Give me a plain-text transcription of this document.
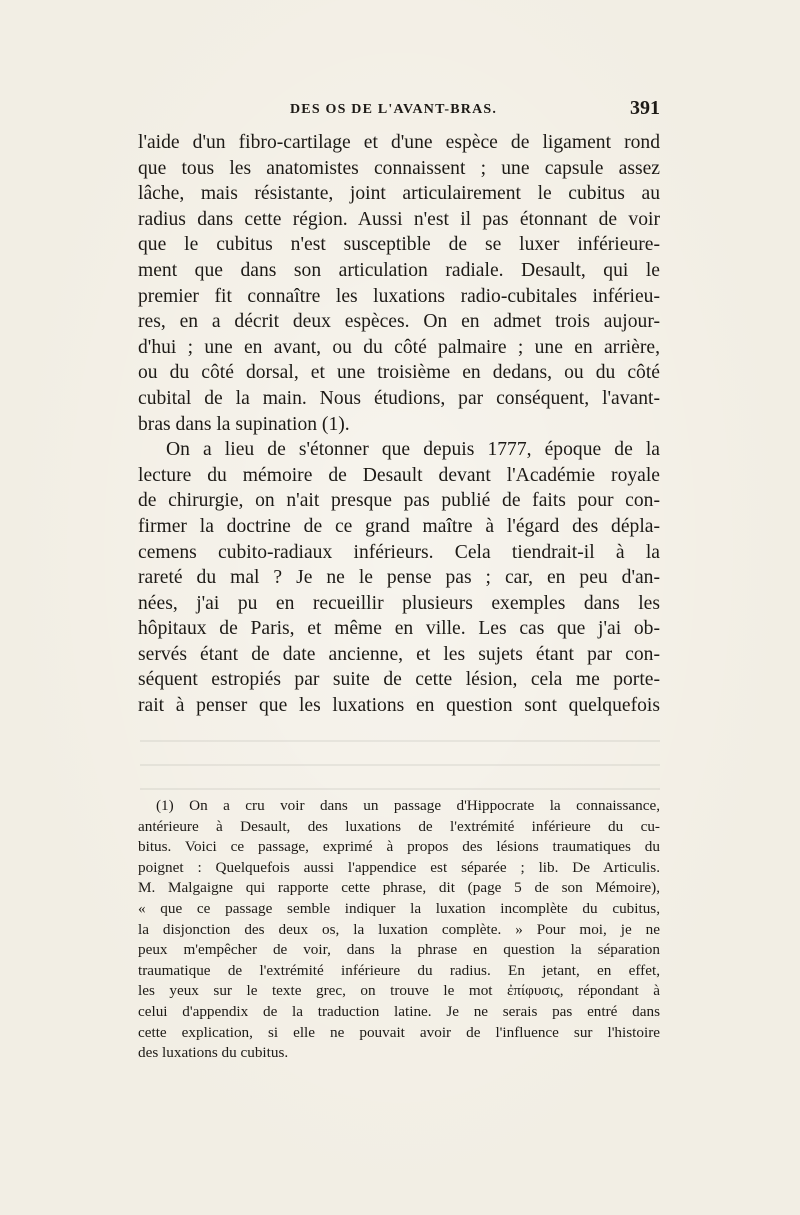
DES OS DE L'AVANT-BRAS.	391
l'aide d'un fibro-cartilage et d'une espèce de ligament rond
que tous les anatomistes connaissent ; une capsule assez
lâche, mais résistante, joint articulairement le cubitus au
radius dans cette région. Aussi n'est il pas étonnant de voir
que le cubitus n'est susceptible de se luxer inférieure-
ment que dans son articulation radiale. Desault, qui le
premier fit connaître les luxations radio-cubitales inférieu-
res, en a décrit deux espèces. On en admet trois aujour-
d'hui ; une en avant, ou du côté palmaire ; une en arrière,
ou du côté dorsal, et une troisième en dedans, ou du côté
cubital de la main. Nous étudions, par conséquent, l'avant-
bras dans la supination (1).
On a lieu de s'étonner que depuis 1777, époque de la
lecture du mémoire de Desault devant l'Académie royale
de chirurgie, on n'ait presque pas publié de faits pour con-
firmer la doctrine de ce grand maître à l'égard des dépla-
cemens cubito-radiaux inférieurs. Cela tiendrait-il à la
rareté du mal ? Je ne le pense pas ; car, en peu d'an-
nées, j'ai pu en recueillir plusieurs exemples dans les
hôpitaux de Paris, et même en ville. Les cas que j'ai ob-
servés étant de date ancienne, et les sujets étant par con-
séquent estropiés par suite de cette lésion, cela me porte-
rait à penser que les luxations en question sont quelquefois
(1) On a cru voir dans un passage d'Hippocrate la connaissance,
antérieure à Desault, des luxations de l'extrémité inférieure du cu-
bitus. Voici ce passage, exprimé à propos des lésions traumatiques du
poignet : Quelquefois aussi l'appendice est séparée ; lib. De Articulis.
M. Malgaigne qui rapporte cette phrase, dit (page 5 de son Mémoire),
« que ce passage semble indiquer la luxation incomplète du cubitus,
la disjonction des deux os, la luxation complète. » Pour moi, je ne
peux m'empêcher de voir, dans la phrase en question la séparation
traumatique de l'extrémité inférieure du radius. En jetant, en effet,
les yeux sur le texte grec, on trouve le mot ἐπίφυσις, répondant à
celui d'appendix de la traduction latine. Je ne serais pas entré dans
cette explication, si elle ne pouvait avoir de l'influence sur l'histoire
des luxations du cubitus.
